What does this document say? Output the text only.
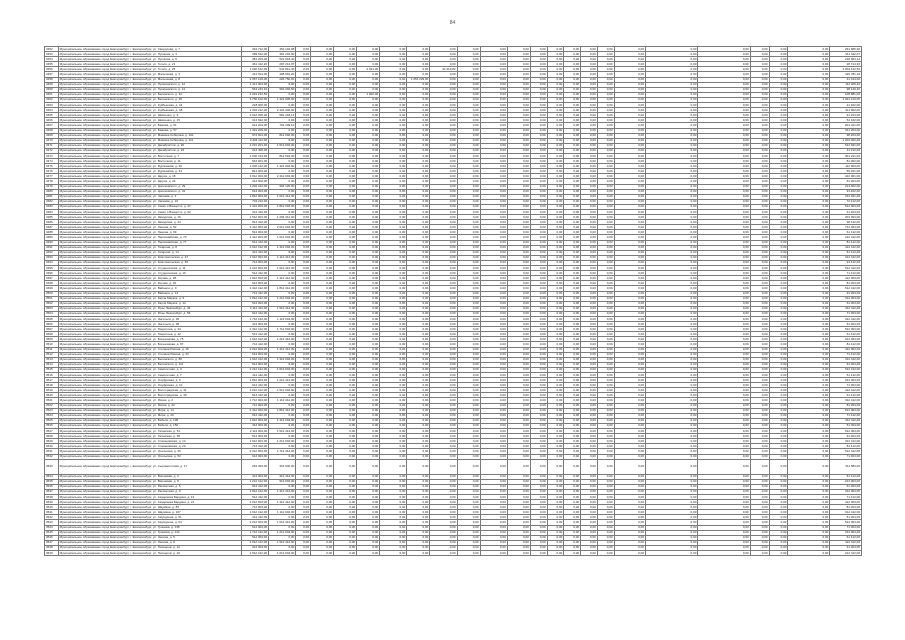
84
3452	Муниципальное образование город Екатеринбург, г. Екатеринбург, ул. Свердлова, д. 7	391 712,00	462 104,08	0,00	0,00	0,00	0,00	0,00	0,00	0,00	0,00	0,00	0,00	0,00	0,00	0,00	0,00	0,00	0,00	0,00	0,00	0,00	0,00	0,00	291 965,30
3453	Муниципальное образование город Екатеринбург, г. Екатеринбург, ул. Пушкина, д. 3	289 512,00	391 204,00	0,00	0,00	0,00	0,00	0,00	0,00	0,00	0,00	0,00	0,00	0,00	0,00	0,00	0,00	0,00	0,00	0,00	0,00	0,00	0,00	0,00	311 442,07
3454	Муниципальное образование город Екатеринбург, г. Екатеринбург, ул. Пушкина, д. 5	481 204,00	522 918,40	0,00	0,00	0,00	0,00	0,00	0,00	0,00	0,00	0,00	0,00	0,00	0,00	0,00	0,00	0,00	0,00	0,00	0,00	0,00	0,00	0,00	218 904,12
3455	Муниципальное образование город Екатеринбург, г. Екатеринбург, ул. Гоголя, д. 21	461 412,20	297 212,07	0,00	0,00	0,00	0,00	0,00	0,00	0,00	0,00	0,00	0,00	0,00	0,00	0,00	0,00	0,00	0,00	0,00	0,00	0,00	0,00	0,00	28 714,30
3456	Муниципальное образование город Екатеринбург, г. Екатеринбург, ул. Гоголя, д. 25	1 092 612,00	541 812,40	0,00	0,00	0,00	4 021,00	0,00	0,00	32 419,82	0,00	0,00	0,00	0,00	0,00	0,00	0,00	0,00	0,00	0,00	0,00	0,00	0,00	0,00	1 004 412,50
3457	Муниципальное образование город Екатеринбург, г. Екатеринбург, ул. Малышева, д. 4	412 014,00	408 991,20	0,00	0,00	0,00	0,00	0,00	0,00	0,00	0,00	0,00	0,00	0,00	0,00	0,00	0,00	0,00	0,00	0,00	0,00	0,00	0,00	0,00	415 781,10
3458	Муниципальное образование город Екатеринбург, г. Екатеринбург, ул. Малышева, д. 8	2 057 129,00	226 750,00	0,00	0,00	0,00	0,00	0,00	1 051 229,00	0,00	0,00	0,00	0,00	0,00	0,00	0,00	0,00	0,00	0,00	0,00	0,00	0,00	0,00	0,00	41 014,00
3459	Муниципальное образование город Екатеринбург, г. Екатеринбург, ул. Луначарского, д. 12	1 211 004,00	0,00	0,00	0,00	0,00	0,00	0,00	0,00	0,00	0,00	0,00	0,00	0,00	0,00	0,00	0,00	0,00	0,00	0,00	0,00	0,00	0,00	0,00	112 405,10
3460	Муниципальное образование город Екатеринбург, г. Екатеринбург, ул. Луначарского, д. 14	542 213,10	991 002,50	0,00	0,00	0,00	0,00	0,00	0,00	0,00	0,00	0,00	0,00	0,00	0,00	0,00	0,00	0,00	0,00	0,00	0,00	0,00	0,00	0,00	98 140,40
3461	Муниципальное образование город Екатеринбург, г. Екатеринбург, ул. Белинского, д. 32	4 031 212,50	0,00	0,00	0,00	0,00	1 002,00	0,00	0,00	0,00	0,00	0,00	0,00	0,00	0,00	0,00	0,00	0,00	0,00	0,00	0,00	0,00	0,00	0,00	108 881,00
3462	Муниципальное образование город Екатеринбург, г. Екатеринбург, ул. Белинского, д. 36	1 750 102,00	1 421 905,00	0,00	0,00	0,00	0,00	0,00	0,00	0,00	0,00	0,00	0,00	0,00	0,00	0,00	0,00	0,00	0,00	0,00	0,00	0,00	0,00	0,00	1 021 419,00
3463	Муниципальное образование город Екатеринбург, г. Екатеринбург, ул. Куйбышева, д. 44	218 000,00	0,00	0,00	0,00	0,00	0,00	0,00	0,00	0,00	0,00	0,00	0,00	0,00	0,00	0,00	0,00	0,00	0,00	0,00	0,00	0,00	0,00	0,00	31 402,00
3464	Муниципальное образование город Екатеринбург, г. Екатеринбург, ул. Куйбышева, д. 48	1 004 212,00	2 101 402,00	0,00	0,00	0,00	0,00	0,00	0,00	0,00	0,00	0,00	0,00	0,00	0,00	0,00	0,00	0,00	0,00	0,00	0,00	0,00	0,00	0,00	311 002,00
3465	Муниципальное образование город Екатеринбург, г. Екатеринбург, ул. Шевченко, д. 9	2 012 400,00	581 204,12	0,00	0,00	0,00	0,00	0,00	0,00	0,00	0,00	0,00	0,00	0,00	0,00	0,00	0,00	0,00	0,00	0,00	0,00	0,00	0,00	0,00	91 204,00
3466	Муниципальное образование город Екатеринбург, г. Екатеринбург, ул. Шевченко, д. 15	314 912,00	0,00	0,00	0,00	0,00	0,00	0,00	0,00	0,00	0,00	0,00	0,00	0,00	0,00	0,00	0,00	0,00	0,00	0,00	0,00	0,00	0,00	0,00	54 102,00
3467	Муниципальное образование город Екатеринбург, г. Екатеринбург, ул. Бажова, д. 51	612 204,00	704 209,10	0,00	0,00	0,00	0,00	0,00	0,00	0,00	0,00	0,00	0,00	0,00	0,00	0,00	0,00	0,00	0,00	0,00	0,00	0,00	0,00	0,00	201 421,00
3468	Муниципальное образование город Екатеринбург, г. Екатеринбург, ул. Бажова, д. 57	1 321 209,00	0,00	0,00	0,00	0,00	0,00	0,00	0,00	0,00	0,00	0,00	0,00	0,00	0,00	0,00	0,00	0,00	0,00	0,00	0,00	0,00	0,00	0,00	611 204,00
3469	Муниципальное образование город Екатеринбург, г. Екатеринбург, ул. Мамина-Сибиряка, д. 101	972 001,00	812 002,00	0,00	0,00	0,00	0,00	0,00	0,00	0,00	0,00	0,00	0,00	0,00	0,00	0,00	0,00	0,00	0,00	0,00	0,00	0,00	0,00	0,00	98 204,00
3470	Муниципальное образование город Екатеринбург, г. Екатеринбург, ул. Мамина-Сибиряка, д. 111	2 404 112,00	0,00	0,00	0,00	0,00	0,00	0,00	0,00	0,00	0,00	0,00	0,00	0,00	0,00	0,00	0,00	0,00	0,00	0,00	0,00	0,00	0,00	0,00	1 204 002,00
3471	Муниципальное образование город Екатеринбург, г. Екатеринбург, ул. Декабристов, д. 20	4 231 201,00	1 512 004,00	0,00	0,00	0,00	0,00	0,00	0,00	0,00	0,00	0,00	0,00	0,00	0,00	0,00	0,00	0,00	0,00	0,00	0,00	0,00	0,00	0,00	612 941,00
3472	Муниципальное образование город Екатеринбург, г. Екатеринбург, ул. Декабристов, д. 23	312 400,00	0,00	0,00	0,00	0,00	0,00	0,00	0,00	0,00	0,00	0,00	0,00	0,00	0,00	0,00	0,00	0,00	0,00	0,00	0,00	0,00	0,00	0,00	41 212,00
3473	Муниципальное образование город Екатеринбург, г. Екатеринбург, ул. Восточная, д. 7	1 902 314,00	812 004,00	0,00	0,00	0,00	0,00	0,00	0,00	0,00	0,00	0,00	0,00	0,00	0,00	0,00	0,00	0,00	0,00	0,00	0,00	0,00	0,00	0,00	301 241,00
3474	Муниципальное образование город Екатеринбург, г. Екатеринбург, ул. Восточная, д. 11	542 001,00	0,00	0,00	0,00	0,00	0,00	0,00	0,00	0,00	0,00	0,00	0,00	0,00	0,00	0,00	0,00	0,00	0,00	0,00	0,00	0,00	0,00	0,00	81 002,00
3475	Муниципальное образование город Екатеринбург, г. Екатеринбург, ул. Фурманова, д. 30	1 002 412,00	1 321 004,00	0,00	0,00	0,00	0,00	0,00	0,00	0,00	0,00	0,00	0,00	0,00	0,00	0,00	0,00	0,00	0,00	0,00	0,00	0,00	0,00	0,00	112 004,00
3476	Муниципальное образование город Екатеринбург, г. Екатеринбург, ул. Фурманова, д. 34	812 004,00	0,00	0,00	0,00	0,00	0,00	0,00	0,00	0,00	0,00	0,00	0,00	0,00	0,00	0,00	0,00	0,00	0,00	0,00	0,00	0,00	0,00	0,00	55 021,00
3477	Муниципальное образование город Екатеринбург, г. Екатеринбург, ул. Щорса, д. 18	3 012 004,00	2 412 004,00	0,00	0,00	0,00	0,00	0,00	0,00	0,00	0,00	0,00	0,00	0,00	0,00	0,00	0,00	0,00	0,00	0,00	0,00	0,00	0,00	0,00	412 001,00
3478	Муниципальное образование город Екатеринбург, г. Екатеринбург, ул. Щорса, д. 24	412 002,00	0,00	0,00	0,00	0,00	0,00	0,00	0,00	0,00	0,00	0,00	0,00	0,00	0,00	0,00	0,00	0,00	0,00	0,00	0,00	0,00	0,00	0,00	61 004,00
3479	Муниципальное образование город Екатеринбург, г. Екатеринбург, ул. Циолковского, д. 29	1 204 412,00	904 120,00	0,00	0,00	0,00	0,00	0,00	0,00	0,00	0,00	0,00	0,00	0,00	0,00	0,00	0,00	0,00	0,00	0,00	0,00	0,00	0,00	0,00	214 002,00
3480	Муниципальное образование город Екатеринбург, г. Екатеринбург, ул. Циолковского, д. 34	612 004,00	0,00	0,00	0,00	0,00	0,00	0,00	0,00	0,00	0,00	0,00	0,00	0,00	0,00	0,00	0,00	0,00	0,00	0,00	0,00	0,00	0,00	0,00	91 402,00
3481	Муниципальное образование город Екатеринбург, г. Екатеринбург, ул. Чапаева, д. 3	1 812 004,00	1 012 412,00	0,00	0,00	0,00	0,00	0,00	0,00	0,00	0,00	0,00	0,00	0,00	0,00	0,00	0,00	0,00	0,00	0,00	0,00	0,00	0,00	0,00	312 041,00
3482	Муниципальное образование город Екатеринбург, г. Екатеринбург, ул. Чапаева, д. 10	704 212,00	0,00	0,00	0,00	0,00	0,00	0,00	0,00	0,00	0,00	0,00	0,00	0,00	0,00	0,00	0,00	0,00	0,00	0,00	0,00	0,00	0,00	0,00	72 412,00
3483	Муниципальное образование город Екатеринбург, г. Екатеринбург, ул. Сакко и Ванцетти, д. 47	2 412 004,00	1 812 004,00	0,00	0,00	0,00	0,00	0,00	0,00	0,00	0,00	0,00	0,00	0,00	0,00	0,00	0,00	0,00	0,00	0,00	0,00	0,00	0,00	0,00	512 004,00
3484	Муниципальное образование город Екатеринбург, г. Екатеринбург, ул. Сакко и Ванцетти, д. 62	312 412,00	0,00	0,00	0,00	0,00	0,00	0,00	0,00	0,00	0,00	0,00	0,00	0,00	0,00	0,00	0,00	0,00	0,00	0,00	0,00	0,00	0,00	0,00	41 204,00
3485	Муниципальное образование город Екатеринбург, г. Екатеринбург, ул. Заводская, д. 16	1 512 004,00	1 204 412,00	0,00	0,00	0,00	0,00	0,00	0,00	0,00	0,00	0,00	0,00	0,00	0,00	0,00	0,00	0,00	0,00	0,00	0,00	0,00	0,00	0,00	204 004,00
3486	Муниципальное образование город Екатеринбург, г. Екатеринбург, ул. Заводская, д. 44	812 412,00	0,00	0,00	0,00	0,00	0,00	0,00	0,00	0,00	0,00	0,00	0,00	0,00	0,00	0,00	0,00	0,00	0,00	0,00	0,00	0,00	0,00	0,00	98 412,00
3487	Муниципальное образование город Екатеринбург, г. Екатеринбург, ул. Ленина, д. 52	3 412 004,00	2 012 004,00	0,00	0,00	0,00	0,00	0,00	0,00	0,00	0,00	0,00	0,00	0,00	0,00	0,00	0,00	0,00	0,00	0,00	0,00	0,00	0,00	0,00	712 004,00
3488	Муниципальное образование город Екатеринбург, г. Екатеринбург, ул. Ленина, д. 69	512 004,00	0,00	0,00	0,00	0,00	0,00	0,00	0,00	0,00	0,00	0,00	0,00	0,00	0,00	0,00	0,00	0,00	0,00	0,00	0,00	0,00	0,00	0,00	61 412,00
3489	Муниципальное образование город Екатеринбург, г. Екатеринбург, ул. Первомайская, д. 70	1 412 004,00	1 012 004,00	0,00	0,00	0,00	0,00	0,00	0,00	0,00	0,00	0,00	0,00	0,00	0,00	0,00	0,00	0,00	0,00	0,00	0,00	0,00	0,00	0,00	212 412,00
3490	Муниципальное образование город Екатеринбург, г. Екатеринбург, ул. Первомайская, д. 77	612 412,00	0,00	0,00	0,00	0,00	0,00	0,00	0,00	0,00	0,00	0,00	0,00	0,00	0,00	0,00	0,00	0,00	0,00	0,00	0,00	0,00	0,00	0,00	81 412,00
3491	Муниципальное образование город Екатеринбург, г. Екатеринбург, ул. Гагарина, д. 8	2 012 412,00	1 412 004,00	0,00	0,00	0,00	0,00	0,00	0,00	0,00	0,00	0,00	0,00	0,00	0,00	0,00	0,00	0,00	0,00	0,00	0,00	0,00	0,00	0,00	412 412,00
3492	Муниципальное образование город Екатеринбург, г. Екатеринбург, ул. Гагарина, д. 14	412 412,00	0,00	0,00	0,00	0,00	0,00	0,00	0,00	0,00	0,00	0,00	0,00	0,00	0,00	0,00	0,00	0,00	0,00	0,00	0,00	0,00	0,00	0,00	51 412,00
3493	Муниципальное образование город Екатеринбург, г. Екатеринбург, ул. Комсомольская, д. 37	1 612 004,00	1 112 412,00	0,00	0,00	0,00	0,00	0,00	0,00	0,00	0,00	0,00	0,00	0,00	0,00	0,00	0,00	0,00	0,00	0,00	0,00	0,00	0,00	0,00	312 412,00
3494	Муниципальное образование город Екатеринбург, г. Екатеринбург, ул. Комсомольская, д. 45	712 004,00	0,00	0,00	0,00	0,00	0,00	0,00	0,00	0,00	0,00	0,00	0,00	0,00	0,00	0,00	0,00	0,00	0,00	0,00	0,00	0,00	0,00	0,00	91 412,00
3495	Муниципальное образование город Екатеринбург, г. Екатеринбург, ул. Студенческая, д. 11	2 212 004,00	1 612 412,00	0,00	0,00	0,00	0,00	0,00	0,00	0,00	0,00	0,00	0,00	0,00	0,00	0,00	0,00	0,00	0,00	0,00	0,00	0,00	0,00	0,00	512 412,00
3496	Муниципальное образование город Екатеринбург, г. Екатеринбург, ул. Студенческая, д. 16	512 412,00	0,00	0,00	0,00	0,00	0,00	0,00	0,00	0,00	0,00	0,00	0,00	0,00	0,00	0,00	0,00	0,00	0,00	0,00	0,00	0,00	0,00	0,00	71 412,00
3497	Муниципальное образование город Екатеринбург, г. Екатеринбург, ул. Кирова, д. 28	1 912 004,00	1 312 412,00	0,00	0,00	0,00	0,00	0,00	0,00	0,00	0,00	0,00	0,00	0,00	0,00	0,00	0,00	0,00	0,00	0,00	0,00	0,00	0,00	0,00	412 004,00
3498	Муниципальное образование город Екатеринбург, г. Екатеринбург, ул. Кирова, д. 30	612 004,00	0,00	0,00	0,00	0,00	0,00	0,00	0,00	0,00	0,00	0,00	0,00	0,00	0,00	0,00	0,00	0,00	0,00	0,00	0,00	0,00	0,00	0,00	81 004,00
3499	Муниципальное образование город Екатеринбург, г. Екатеринбург, ул. Вайнера, д. 9	2 412 412,00	1 812 412,00	0,00	0,00	0,00	0,00	0,00	0,00	0,00	0,00	0,00	0,00	0,00	0,00	0,00	0,00	0,00	0,00	0,00	0,00	0,00	0,00	0,00	612 412,00
3500	Муниципальное образование город Екатеринбург, г. Екатеринбург, ул. Вайнера, д. 13	712 412,00	0,00	0,00	0,00	0,00	0,00	0,00	0,00	0,00	0,00	0,00	0,00	0,00	0,00	0,00	0,00	0,00	0,00	0,00	0,00	0,00	0,00	0,00	91 004,00
3501	Муниципальное образование город Екатеринбург, г. Екатеринбург, ул. Карла Маркса, д. 5	1 812 412,00	1 212 004,00	0,00	0,00	0,00	0,00	0,00	0,00	0,00	0,00	0,00	0,00	0,00	0,00	0,00	0,00	0,00	0,00	0,00	0,00	0,00	0,00	0,00	312 004,00
3502	Муниципальное образование город Екатеринбург, г. Екатеринбург, ул. Карла Маркса, д. 12	512 004,00	0,00	0,00	0,00	0,00	0,00	0,00	0,00	0,00	0,00	0,00	0,00	0,00	0,00	0,00	0,00	0,00	0,00	0,00	0,00	0,00	0,00	0,00	61 004,00
3503	Муниципальное образование город Екатеринбург, г. Екатеринбург, ул. Розы Люксембург, д. 49	2 112 412,00	1 512 412,00	0,00	0,00	0,00	0,00	0,00	0,00	0,00	0,00	0,00	0,00	0,00	0,00	0,00	0,00	0,00	0,00	0,00	0,00	0,00	0,00	0,00	412 412,00
3504	Муниципальное образование город Екатеринбург, г. Екатеринбург, ул. Розы Люксембург, д. 56	612 412,00	0,00	0,00	0,00	0,00	0,00	0,00	0,00	0,00	0,00	0,00	0,00	0,00	0,00	0,00	0,00	0,00	0,00	0,00	0,00	0,00	0,00	0,00	71 004,00
3505	Муниципальное образование город Екатеринбург, г. Екатеринбург, ул. Энгельса, д. 36	1 712 412,00	1 112 004,00	0,00	0,00	0,00	0,00	0,00	0,00	0,00	0,00	0,00	0,00	0,00	0,00	0,00	0,00	0,00	0,00	0,00	0,00	0,00	0,00	0,00	312 412,00
3506	Муниципальное образование город Екатеринбург, г. Екатеринбург, ул. Энгельса, д. 38	412 004,00	0,00	0,00	0,00	0,00	0,00	0,00	0,00	0,00	0,00	0,00	0,00	0,00	0,00	0,00	0,00	0,00	0,00	0,00	0,00	0,00	0,00	0,00	51 004,00
3507	Муниципальное образование город Екатеринбург, г. Екатеринбург, ул. Тверитина, д. 34	2 312 412,00	1 712 004,00	0,00	0,00	0,00	0,00	0,00	0,00	0,00	0,00	0,00	0,00	0,00	0,00	0,00	0,00	0,00	0,00	0,00	0,00	0,00	0,00	0,00	512 004,00
3508	Муниципальное образование город Екатеринбург, г. Екатеринбург, ул. Тверитина, д. 42	512 412,00	0,00	0,00	0,00	0,00	0,00	0,00	0,00	0,00	0,00	0,00	0,00	0,00	0,00	0,00	0,00	0,00	0,00	0,00	0,00	0,00	0,00	0,00	61 412,00
3509	Муниципальное образование город Екатеринбург, г. Екатеринбург, ул. Большакова, д. 75	1 612 412,00	1 212 412,00	0,00	0,00	0,00	0,00	0,00	0,00	0,00	0,00	0,00	0,00	0,00	0,00	0,00	0,00	0,00	0,00	0,00	0,00	0,00	0,00	0,00	312 004,00
3510	Муниципальное образование город Екатеринбург, г. Екатеринбург, ул. Большакова, д. 97	712 412,00	0,00	0,00	0,00	0,00	0,00	0,00	0,00	0,00	0,00	0,00	0,00	0,00	0,00	0,00	0,00	0,00	0,00	0,00	0,00	0,00	0,00	0,00	81 412,00
3511	Муниципальное образование город Екатеринбург, г. Екатеринбург, ул. Степана Разина, д. 16	2 012 004,00	1 412 412,00	0,00	0,00	0,00	0,00	0,00	0,00	0,00	0,00	0,00	0,00	0,00	0,00	0,00	0,00	0,00	0,00	0,00	0,00	0,00	0,00	0,00	412 004,00
3512	Муниципальное образование город Екатеринбург, г. Екатеринбург, ул. Степана Разина, д. 23	612 004,00	0,00	0,00	0,00	0,00	0,00	0,00	0,00	0,00	0,00	0,00	0,00	0,00	0,00	0,00	0,00	0,00	0,00	0,00	0,00	0,00	0,00	0,00	71 412,00
3513	Муниципальное образование город Екатеринбург, г. Екатеринбург, ул. Белинского, д. 86	1 912 412,00	1 312 004,00	0,00	0,00	0,00	0,00	0,00	0,00	0,00	0,00	0,00	0,00	0,00	0,00	0,00	0,00	0,00	0,00	0,00	0,00	0,00	0,00	0,00	312 412,00
3514	Муниципальное образование город Екатеринбург, г. Екатеринбург, ул. Белинского, д. 111	512 004,00	0,00	0,00	0,00	0,00	0,00	0,00	0,00	0,00	0,00	0,00	0,00	0,00	0,00	0,00	0,00	0,00	0,00	0,00	0,00	0,00	0,00	0,00	61 004,00
3515	Муниципальное образование город Екатеринбург, г. Екатеринбург, ул. Самолетная, д. 3	2 212 412,00	1 612 004,00	0,00	0,00	0,00	0,00	0,00	0,00	0,00	0,00	0,00	0,00	0,00	0,00	0,00	0,00	0,00	0,00	0,00	0,00	0,00	0,00	0,00	512 412,00
3516	Муниципальное образование город Екатеринбург, г. Екатеринбург, ул. Самолетная, д. 7	412 412,00	0,00	0,00	0,00	0,00	0,00	0,00	0,00	0,00	0,00	0,00	0,00	0,00	0,00	0,00	0,00	0,00	0,00	0,00	0,00	0,00	0,00	0,00	51 412,00
3517	Муниципальное образование город Екатеринбург, г. Екатеринбург, ул. Онуфриева, д. 6	1 812 004,00	1 212 412,00	0,00	0,00	0,00	0,00	0,00	0,00	0,00	0,00	0,00	0,00	0,00	0,00	0,00	0,00	0,00	0,00	0,00	0,00	0,00	0,00	0,00	312 004,00
3518	Муниципальное образование город Екатеринбург, г. Екатеринбург, ул. Онуфриева, д. 10	612 412,00	0,00	0,00	0,00	0,00	0,00	0,00	0,00	0,00	0,00	0,00	0,00	0,00	0,00	0,00	0,00	0,00	0,00	0,00	0,00	0,00	0,00	0,00	71 004,00
3519	Муниципальное образование город Екатеринбург, г. Екатеринбург, ул. Волгоградская, д. 31	2 012 412,00	1 512 004,00	0,00	0,00	0,00	0,00	0,00	0,00	0,00	0,00	0,00	0,00	0,00	0,00	0,00	0,00	0,00	0,00	0,00	0,00	0,00	0,00	0,00	412 412,00
3520	Муниципальное образование город Екатеринбург, г. Екатеринбург, ул. Волгоградская, д. 39	512 412,00	0,00	0,00	0,00	0,00	0,00	0,00	0,00	0,00	0,00	0,00	0,00	0,00	0,00	0,00	0,00	0,00	0,00	0,00	0,00	0,00	0,00	0,00	61 412,00
3521	Муниципальное образование город Екатеринбург, г. Екатеринбург, ул. Ясная, д. 2	1 712 004,00	1 112 412,00	0,00	0,00	0,00	0,00	0,00	0,00	0,00	0,00	0,00	0,00	0,00	0,00	0,00	0,00	0,00	0,00	0,00	0,00	0,00	0,00	0,00	312 412,00
3522	Муниципальное образование город Екатеринбург, г. Екатеринбург, ул. Ясная, д. 22	712 004,00	0,00	0,00	0,00	0,00	0,00	0,00	0,00	0,00	0,00	0,00	0,00	0,00	0,00	0,00	0,00	0,00	0,00	0,00	0,00	0,00	0,00	0,00	81 004,00
3523	Муниципальное образование город Екатеринбург, г. Екатеринбург, ул. Мира, д. 14	2 412 004,00	1 812 412,00	0,00	0,00	0,00	0,00	0,00	0,00	0,00	0,00	0,00	0,00	0,00	0,00	0,00	0,00	0,00	0,00	0,00	0,00	0,00	0,00	0,00	612 004,00
3524	Муниципальное образование город Екатеринбург, г. Екатеринбург, ул. Мира, д. 20	612 412,00	0,00	0,00	0,00	0,00	0,00	0,00	0,00	0,00	0,00	0,00	0,00	0,00	0,00	0,00	0,00	0,00	0,00	0,00	0,00	0,00	0,00	0,00	71 412,00
3525	Муниципальное образование город Екатеринбург, г. Екатеринбург, ул. Бебеля, д. 138	1 912 004,00	1 412 004,00	0,00	0,00	0,00	0,00	0,00	0,00	0,00	0,00	0,00	0,00	0,00	0,00	0,00	0,00	0,00	0,00	0,00	0,00	0,00	0,00	0,00	412 412,00
3526	Муниципальное образование город Екатеринбург, г. Екатеринбург, ул. Бебеля, д. 150	412 004,00	0,00	0,00	0,00	0,00	0,00	0,00	0,00	0,00	0,00	0,00	0,00	0,00	0,00	0,00	0,00	0,00	0,00	0,00	0,00	0,00	0,00	0,00	51 004,00
3527	Муниципальное образование город Екатеринбург, г. Екатеринбург, ул. Таганская, д. 51	2 112 004,00	1 512 412,00	0,00	0,00	0,00	0,00	0,00	0,00	0,00	0,00	0,00	0,00	0,00	0,00	0,00	0,00	0,00	0,00	0,00	0,00	0,00	0,00	0,00	512 004,00
3528	Муниципальное образование город Екатеринбург, г. Екатеринбург, ул. Таганская, д. 55	512 004,00	0,00	0,00	0,00	0,00	0,00	0,00	0,00	0,00	0,00	0,00	0,00	0,00	0,00	0,00	0,00	0,00	0,00	0,00	0,00	0,00	0,00	0,00	61 004,00
3529	Муниципальное образование город Екатеринбург, г. Екатеринбург, ул. Стахановская, д. 14	1 612 004,00	1 212 004,00	0,00	0,00	0,00	0,00	0,00	0,00	0,00	0,00	0,00	0,00	0,00	0,00	0,00	0,00	0,00	0,00	0,00	0,00	0,00	0,00	0,00	312 412,00
3530	Муниципальное образование город Екатеринбург, г. Екатеринбург, ул. Стахановская, д. 20	712 412,00	0,00	0,00	0,00	0,00	0,00	0,00	0,00	0,00	0,00	0,00	0,00	0,00	0,00	0,00	0,00	0,00	0,00	0,00	0,00	0,00	0,00	0,00	81 412,00
3531	Муниципальное образование город Екатеринбург, г. Екатеринбург, ул. Уральская, д. 46	2 312 004,00	1 712 412,00	0,00	0,00	0,00	0,00	0,00	0,00	0,00	0,00	0,00	0,00	0,00	0,00	0,00	0,00	0,00	0,00	0,00	0,00	0,00	0,00	0,00	512 412,00
3532	Муниципальное образование город Екатеринбург, г. Екатеринбург, ул. Уральская, д. 52	612 004,00	0,00	0,00	0,00	0,00	0,00	0,00	0,00	0,00	0,00	0,00	0,00	0,00	0,00	0,00	0,00	0,00	0,00	0,00	0,00	0,00	0,00	0,00	71 004,00
3533	Муниципальное образование город Екатеринбург, г. Екатеринбург, ул. Сыромолотова, д. 17	263 303,00	301 530,00	0,00	0,00	0,00	0,00	0,00	0,00	0,00	0,00	0,00	0,00	0,00	0,00	0,00	0,00	0,00	0,00	0,00	0,00	0,00	0,00	0,00	311 583,00
3534	Муниципальное образование город Екатеринбург, г. Екатеринбург, ул. Вишневая, д. 2	412 004,00	312 412,00	0,00	0,00	0,00	0,00	0,00	0,00	0,00	0,00	0,00	0,00	0,00	0,00	0,00	0,00	0,00	0,00	0,00	0,00	0,00	0,00	0,00	51 412,00
3535	Муниципальное образование город Екатеринбург, г. Екатеринбург, ул. Вишневая, д. 8	1 212 412,00	912 004,00	0,00	0,00	0,00	0,00	0,00	0,00	0,00	0,00	0,00	0,00	0,00	0,00	0,00	0,00	0,00	0,00	0,00	0,00	0,00	0,00	0,00	212 004,00
3536	Муниципальное образование город Екатеринбург, г. Екатеринбург, ул. Рассветная, д. 5	612 412,00	0,00	0,00	0,00	0,00	0,00	0,00	0,00	0,00	0,00	0,00	0,00	0,00	0,00	0,00	0,00	0,00	0,00	0,00	0,00	0,00	0,00	0,00	61 004,00
3537	Муниципальное образование город Екатеринбург, г. Екатеринбург, ул. Рассветная, д. 9	1 812 412,00	1 312 412,00	0,00	0,00	0,00	0,00	0,00	0,00	0,00	0,00	0,00	0,00	0,00	0,00	0,00	0,00	0,00	0,00	0,00	0,00	0,00	0,00	0,00	312 004,00
3538	Муниципальное образование город Екатеринбург, г. Екатеринбург, ул. Академика Бардина, д. 13	512 412,00	0,00	0,00	0,00	0,00	0,00	0,00	0,00	0,00	0,00	0,00	0,00	0,00	0,00	0,00	0,00	0,00	0,00	0,00	0,00	0,00	0,00	0,00	71 412,00
3539	Муниципальное образование город Екатеринбург, г. Екатеринбург, ул. Академика Бардина, д. 21	2 012 004,00	1 412 412,00	0,00	0,00	0,00	0,00	0,00	0,00	0,00	0,00	0,00	0,00	0,00	0,00	0,00	0,00	0,00	0,00	0,00	0,00	0,00	0,00	0,00	412 004,00
3540	Муниципальное образование город Екатеринбург, г. Екатеринбург, ул. Шаумяна, д. 83	712 004,00	0,00	0,00	0,00	0,00	0,00	0,00	0,00	0,00	0,00	0,00	0,00	0,00	0,00	0,00	0,00	0,00	0,00	0,00	0,00	0,00	0,00	0,00	81 004,00
3541	Муниципальное образование город Екатеринбург, г. Екатеринбург, ул. Шаумяна, д. 107	1 612 412,00	1 112 004,00	0,00	0,00	0,00	0,00	0,00	0,00	0,00	0,00	0,00	0,00	0,00	0,00	0,00	0,00	0,00	0,00	0,00	0,00	0,00	0,00	0,00	312 412,00
3542	Муниципальное образование город Екатеринбург, г. Екатеринбург, ул. Амундсена, д. 51	412 412,00	0,00	0,00	0,00	0,00	0,00	0,00	0,00	0,00	0,00	0,00	0,00	0,00	0,00	0,00	0,00	0,00	0,00	0,00	0,00	0,00	0,00	0,00	51 004,00
3543	Муниципальное образование город Екатеринбург, г. Екатеринбург, ул. Амундсена, д. 64	2 212 004,00	1 612 412,00	0,00	0,00	0,00	0,00	0,00	0,00	0,00	0,00	0,00	0,00	0,00	0,00	0,00	0,00	0,00	0,00	0,00	0,00	0,00	0,00	0,00	512 004,00
3544	Муниципальное образование город Екатеринбург, г. Екатеринбург, ул. Громова, д. 138	612 004,00	0,00	0,00	0,00	0,00	0,00	0,00	0,00	0,00	0,00	0,00	0,00	0,00	0,00	0,00	0,00	0,00	0,00	0,00	0,00	0,00	0,00	0,00	71 004,00
3545	Муниципальное образование город Екатеринбург, г. Екатеринбург, ул. Громова, д. 144	1 712 412,00	1 212 004,00	0,00	0,00	0,00	0,00	0,00	0,00	0,00	0,00	0,00	0,00	0,00	0,00	0,00	0,00	0,00	0,00	0,00	0,00	0,00	0,00	0,00	312 004,00
3546	Муниципальное образование город Екатеринбург, г. Екатеринбург, ул. Ленина, д. 5	512 004,00	0,00	0,00	0,00	0,00	0,00	0,00	0,00	0,00	0,00	0,00	0,00	0,00	0,00	0,00	0,00	0,00	0,00	0,00	0,00	0,00	0,00	0,00	61 412,00
3547	Муниципальное образование город Екатеринбург, г. Екатеринбург, ул. Ленина, д. 8	2 012 412,00	1 512 412,00	0,00	0,00	0,00	0,00	0,00	0,00	0,00	0,00	0,00	0,00	0,00	0,00	0,00	0,00	0,00	0,00	0,00	0,00	0,00	0,00	0,00	412 412,00
3548	Муниципальное образование город Екатеринбург, г. Екатеринбург, ул. Пионеров, д. 12	312 004,00	0,00	0,00	0,00	0,00	0,00	0,00	0,00	0,00	0,00	0,00	0,00	0,00	0,00	0,00	0,00	0,00	0,00	0,00	0,00	0,00	0,00	0,00	41 004,00
3549	Муниципальное образование город Екатеринбург, г. Екатеринбург, ул. Пионеров, д. 20	1 512 412,00	1 012 004,00	0,00	0,00	0,00	0,00	0,00	0,00	0,00	0,00	0,00	0,00	0,00	0,00	0,00	0,00	0,00	0,00	0,00	0,00	0,00	0,00	0,00	212 412,00
